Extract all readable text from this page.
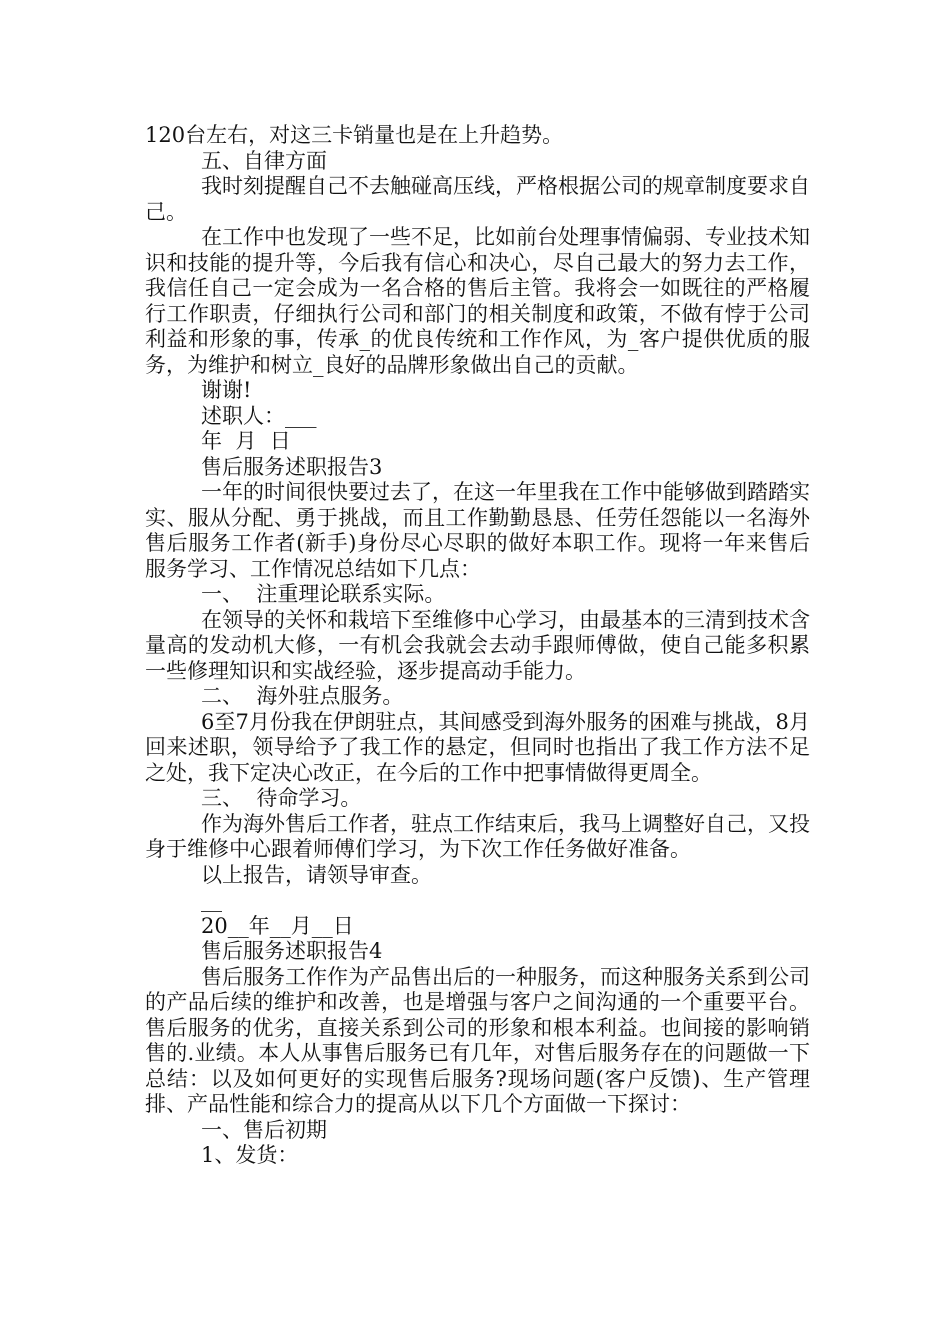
120台左右，对这三卡销量也是在上升趋势。

五、自律方面

我时刻提醒自己不去触碰高压线，严格根据公司的规章制度要求自己。

在工作中也发现了一些不足，比如前台处理事情偏弱、专业技术知识和技能的提升等，今后我有信心和决心，尽自己最大的努力去工作，我信任自己一定会成为一名合格的售后主管。我将会一如既往的严格履行工作职责，仔细执行公司和部门的相关制度和政策，不做有悖于公司利益和形象的事，传承_的优良传统和工作作风，为_客户提供优质的服务，为维护和树立_良好的品牌形象做出自己的贡献。

谢谢!

述职人：___

年  月  日

售后服务述职报告3

一年的时间很快要过去了，在这一年里我在工作中能够做到踏踏实实、服从分配、勇于挑战，而且工作勤勤恳恳、任劳任怨能以一名海外售后服务工作者(新手)身份尽心尽职的做好本职工作。现将一年来售后服务学习、工作情况总结如下几点：

一、  注重理论联系实际。

在领导的关怀和栽培下至维修中心学习，由最基本的三清到技术含量高的发动机大修，一有机会我就会去动手跟师傅做，使自己能多积累一些修理知识和实战经验，逐步提高动手能力。

二、  海外驻点服务。

6至7月份我在伊朗驻点，其间感受到海外服务的困难与挑战，8月回来述职，领导给予了我工作的悬定，但同时也指出了我工作方法不足之处，我下定决心改正，在今后的工作中把事情做得更周全。

三、  待命学习。

作为海外售后工作者，驻点工作结束后，我马上调整好自己，又投身于维修中心跟着师傅们学习，为下次工作任务做好准备。

以上报告，请领导审查。

__

20__年__月__日

售后服务述职报告4

售后服务工作作为产品售出后的一种服务，而这种服务关系到公司的产品后续的维护和改善，也是增强与客户之间沟通的一个重要平台。售后服务的优劣，直接关系到公司的形象和根本利益。也间接的影响销售的.业绩。本人从事售后服务已有几年，对售后服务存在的问题做一下总结：以及如何更好的实现售后服务?现场问题(客户反馈)、生产管理排、产品性能和综合力的提高从以下几个方面做一下探讨：

一、售后初期

1、发货：
